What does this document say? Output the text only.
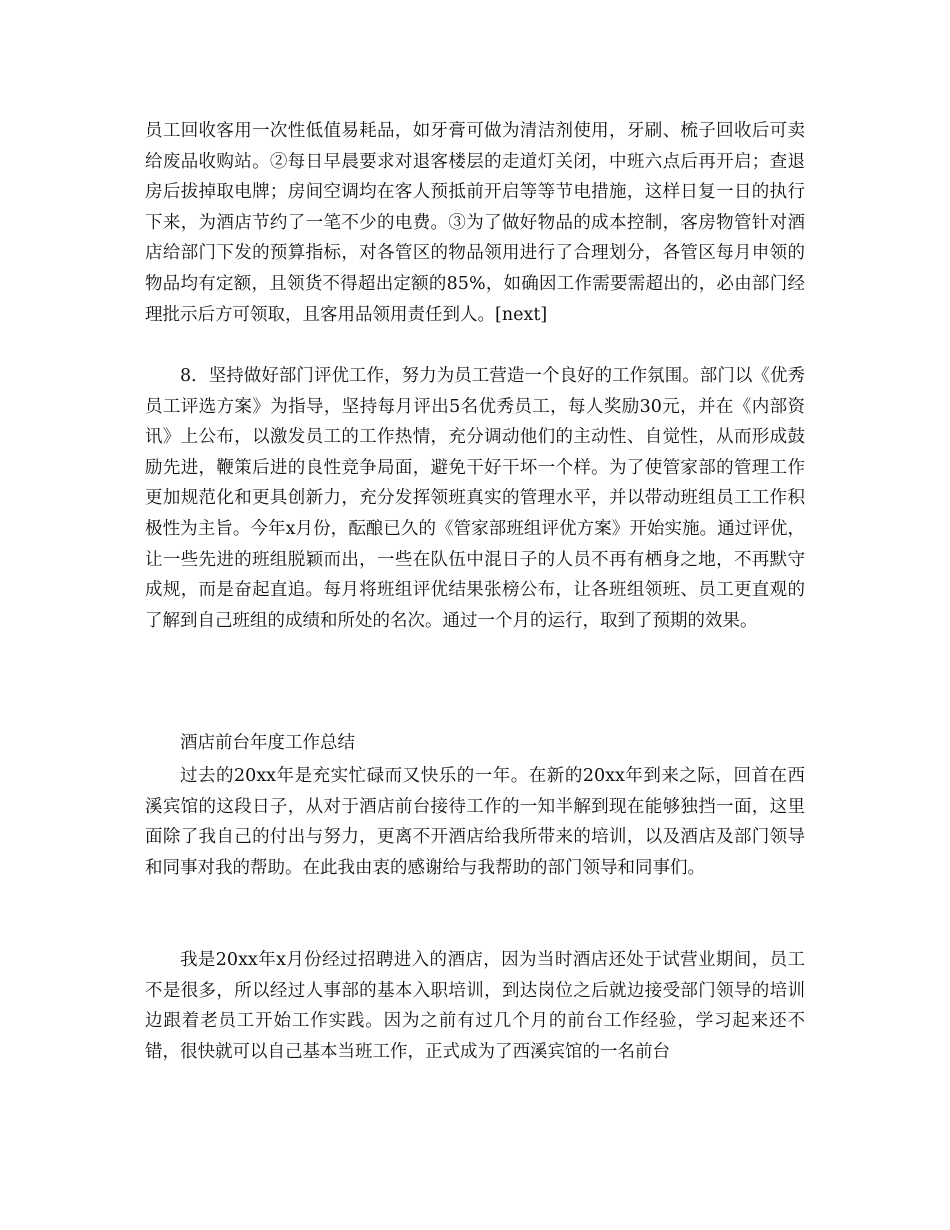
员工回收客用一次性低值易耗品，如牙膏可做为清洁剂使用，牙刷、梳子回收后可卖给废品收购站。②每日早晨要求对退客楼层的走道灯关闭，中班六点后再开启；查退房后拔掉取电牌；房间空调均在客人预抵前开启等等节电措施，这样日复一日的执行下来，为酒店节约了一笔不少的电费。③为了做好物品的成本控制，客房物管针对酒店给部门下发的预算指标，对各管区的物品领用进行了合理划分，各管区每月申领的物品均有定额，且领货不得超出定额的85%，如确因工作需要需超出的，必由部门经理批示后方可领取，且客用品领用责任到人。[next]

8．坚持做好部门评优工作，努力为员工营造一个良好的工作氛围。部门以《优秀员工评选方案》为指导，坚持每月评出5名优秀员工，每人奖励30元，并在《内部资讯》上公布，以激发员工的工作热情，充分调动他们的主动性、自觉性，从而形成鼓励先进，鞭策后进的良性竞争局面，避免干好干坏一个样。为了使管家部的管理工作更加规范化和更具创新力，充分发挥领班真实的管理水平，并以带动班组员工工作积极性为主旨。今年x月份，酝酿已久的《管家部班组评优方案》开始实施。通过评优，让一些先进的班组脱颖而出，一些在队伍中混日子的人员不再有栖身之地，不再默守成规，而是奋起直追。每月将班组评优结果张榜公布，让各班组领班、员工更直观的了解到自己班组的成绩和所处的名次。通过一个月的运行，取到了预期的效果。

酒店前台年度工作总结

过去的20xx年是充实忙碌而又快乐的一年。在新的20xx年到来之际，回首在西溪宾馆的这段日子，从对于酒店前台接待工作的一知半解到现在能够独挡一面，这里面除了我自己的付出与努力，更离不开酒店给我所带来的培训，以及酒店及部门领导和同事对我的帮助。在此我由衷的感谢给与我帮助的部门领导和同事们。

我是20xx年x月份经过招聘进入的酒店，因为当时酒店还处于试营业期间，员工不是很多，所以经过人事部的基本入职培训，到达岗位之后就边接受部门领导的培训边跟着老员工开始工作实践。因为之前有过几个月的前台工作经验，学习起来还不错，很快就可以自己基本当班工作，正式成为了西溪宾馆的一名前台
